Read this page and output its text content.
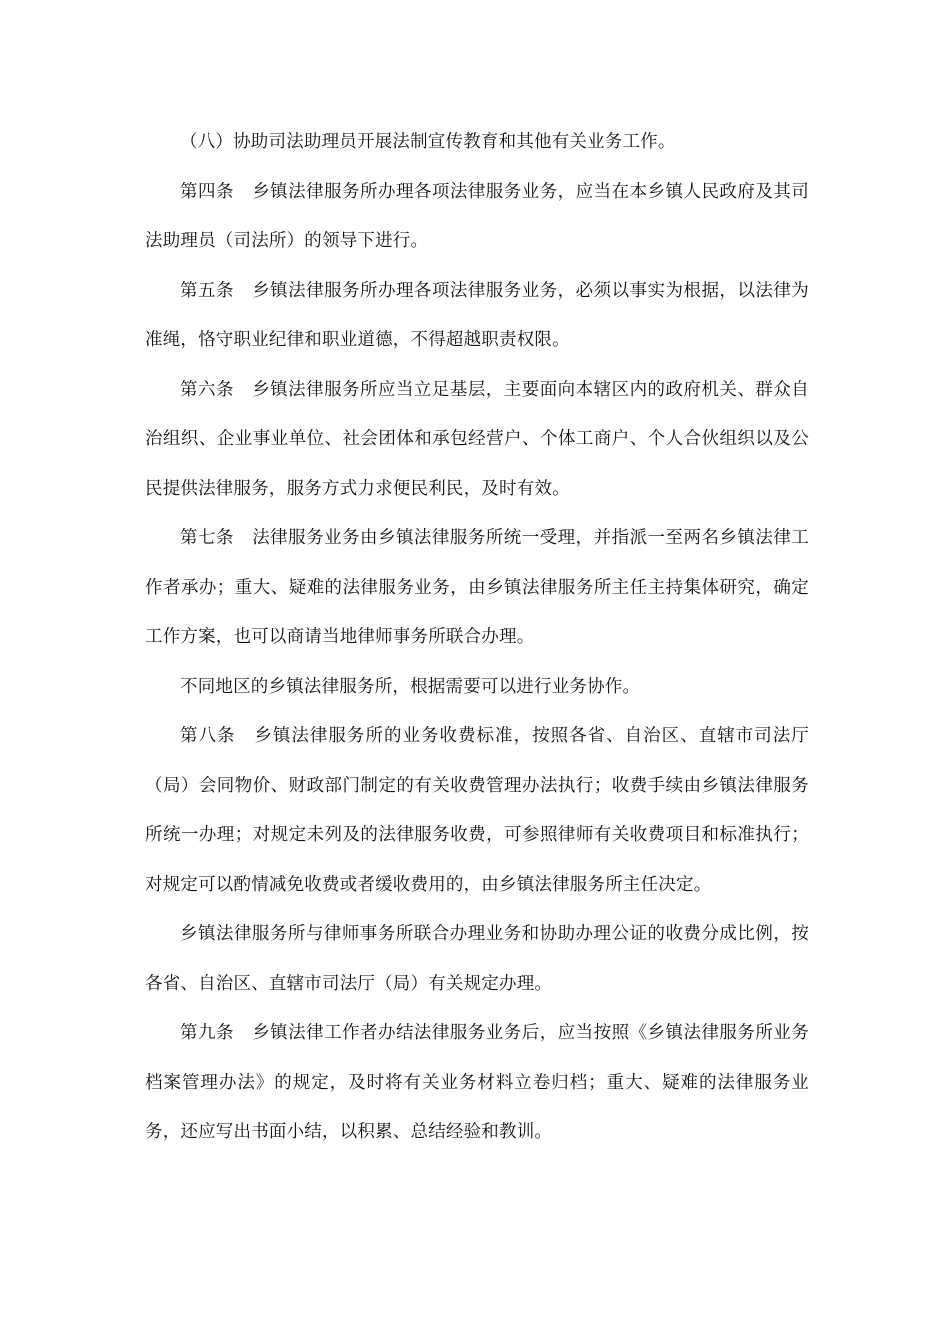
（八）协助司法助理员开展法制宣传教育和其他有关业务工作。

第四条 乡镇法律服务所办理各项法律服务业务，应当在本乡镇人民政府及其司法助理员（司法所）的领导下进行。

第五条 乡镇法律服务所办理各项法律服务业务，必须以事实为根据，以法律为准绳，恪守职业纪律和职业道德，不得超越职责权限。

第六条 乡镇法律服务所应当立足基层，主要面向本辖区内的政府机关、群众自治组织、企业事业单位、社会团体和承包经营户、个体工商户、个人合伙组织以及公民提供法律服务，服务方式力求便民利民，及时有效。

第七条 法律服务业务由乡镇法律服务所统一受理，并指派一至两名乡镇法律工作者承办；重大、疑难的法律服务业务，由乡镇法律服务所主任主持集体研究，确定工作方案，也可以商请当地律师事务所联合办理。

不同地区的乡镇法律服务所，根据需要可以进行业务协作。

第八条 乡镇法律服务所的业务收费标准，按照各省、自治区、直辖市司法厅（局）会同物价、财政部门制定的有关收费管理办法执行；收费手续由乡镇法律服务所统一办理；对规定未列及的法律服务收费，可参照律师有关收费项目和标准执行；对规定可以酌情减免收费或者缓收费用的，由乡镇法律服务所主任决定。

乡镇法律服务所与律师事务所联合办理业务和协助办理公证的收费分成比例，按各省、自治区、直辖市司法厅（局）有关规定办理。

第九条 乡镇法律工作者办结法律服务业务后，应当按照《乡镇法律服务所业务档案管理办法》的规定，及时将有关业务材料立卷归档；重大、疑难的法律服务业务，还应写出书面小结，以积累、总结经验和教训。
